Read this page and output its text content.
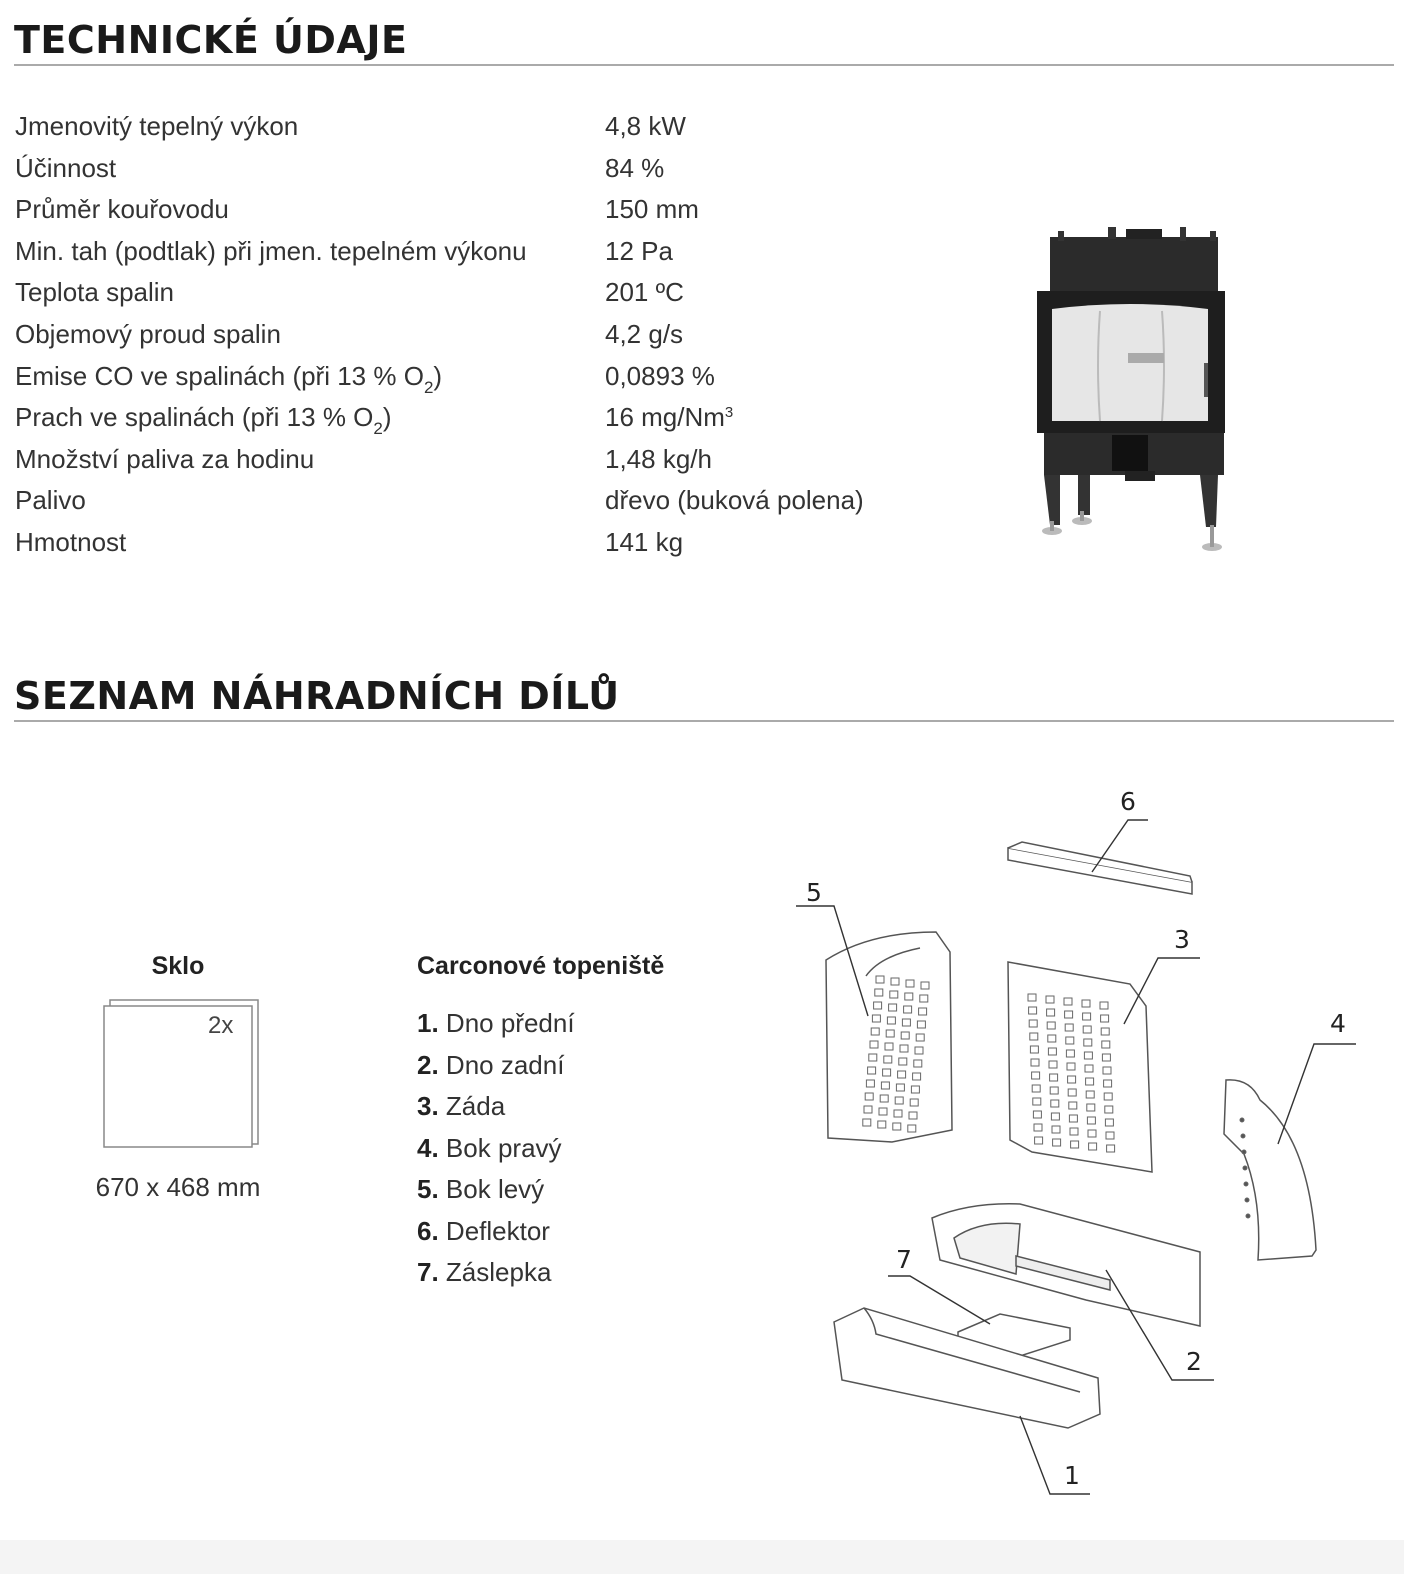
TECHNICKÉ ÚDAJE
Jmenovitý tepelný výkon	4,8 kW
Účinnost	84 %
Průměr kouřovodu	150 mm
Min. tah (podtlak) při jmen. tepelném výkonu	12 Pa
Teplota spalin	201 ºC
Objemový proud spalin	4,2 g/s
Emise CO ve spalinách (při 13 % $O_2$)	0,0893 %
Prach ve spalinách (při 13 % $O_2$)	16 mg/Nm$^3$
Množství paliva za hodinu	1,48 kg/h
Palivo	dřevo (buková polena)
Hmotnost	141 kg
SEZNAM NÁHRADNÍCH DÍLŮ
Sklo
2x
670 x 468 mm
Carconové topeniště
1. Dno přední
2. Dno zadní
3. Záda
4. Bok pravý
5. Bok levý
6. Deflektor
7. Záslepka
6
5
3
4
7
2
1
